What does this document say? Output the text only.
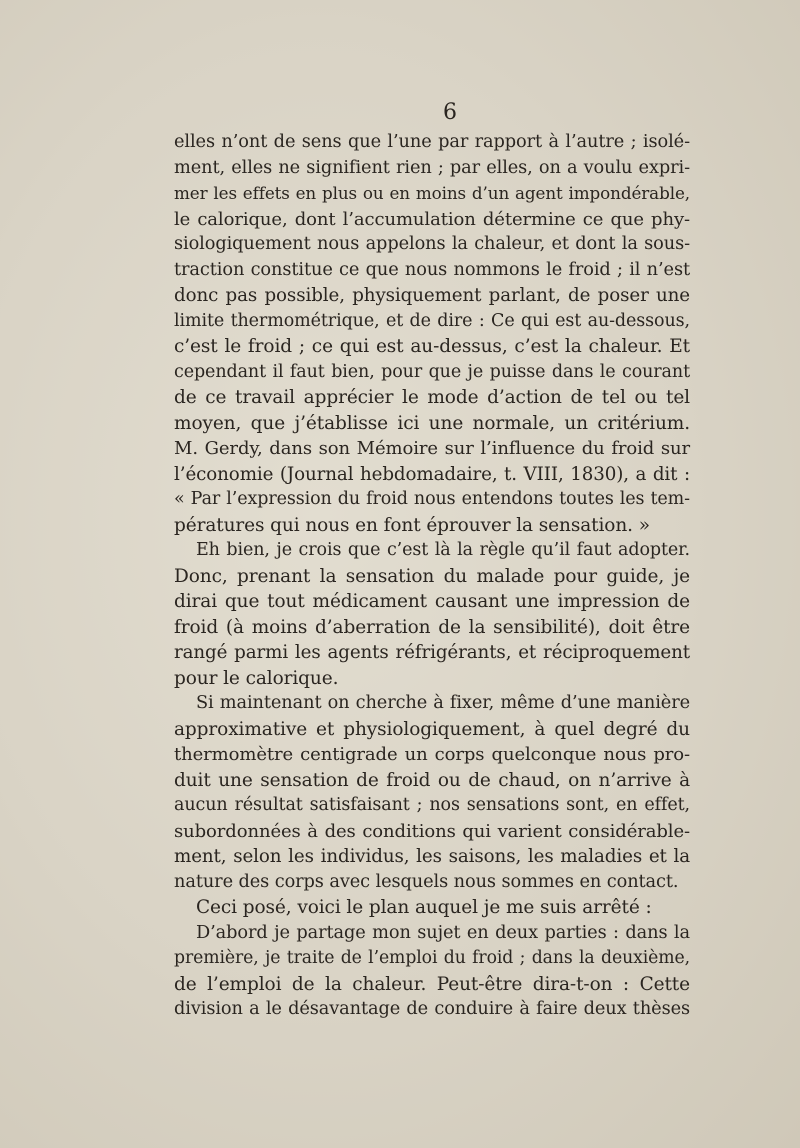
6
elles n’ont de sens que l’une par rapport à l’autre ; isolé-
ment, elles ne signifient rien ; par elles, on a voulu expri-
mer les effets en plus ou en moins d’un agent impondérable,
le calorique, dont l’accumulation détermine ce que phy-
siologiquement nous appelons la chaleur, et dont la sous-
traction constitue ce que nous nommons le froid ; il n’est
donc pas possible, physiquement parlant, de poser une
limite thermométrique, et de dire : Ce qui est au-dessous,
c’est le froid ; ce qui est au-dessus, c’est la chaleur. Et
cependant il faut bien, pour que je puisse dans le courant
de ce travail apprécier le mode d’action de tel ou tel
moyen, que j’établisse ici une normale, un critérium.
M. Gerdy, dans son Mémoire sur l’influence du froid sur
l’économie (Journal hebdomadaire, t. VIII, 1830), a dit :
« Par l’expression du froid nous entendons toutes les tem-
pératures qui nous en font éprouver la sensation. »
Eh bien, je crois que c’est là la règle qu’il faut adopter.
Donc, prenant la sensation du malade pour guide, je
dirai que tout médicament causant une impression de
froid (à moins d’aberration de la sensibilité), doit être
rangé parmi les agents réfrigérants, et réciproquement
pour le calorique.
Si maintenant on cherche à fixer, même d’une manière
approximative et physiologiquement, à quel degré du
thermomètre centigrade un corps quelconque nous pro-
duit une sensation de froid ou de chaud, on n’arrive à
aucun résultat satisfaisant ; nos sensations sont, en effet,
subordonnées à des conditions qui varient considérable-
ment, selon les individus, les saisons, les maladies et la
nature des corps avec lesquels nous sommes en contact.
Ceci posé, voici le plan auquel je me suis arrêté :
D’abord je partage mon sujet en deux parties : dans la
première, je traite de l’emploi du froid ; dans la deuxième,
de l’emploi de la chaleur. Peut-être dira-t-on : Cette
division a le désavantage de conduire à faire deux thèses
